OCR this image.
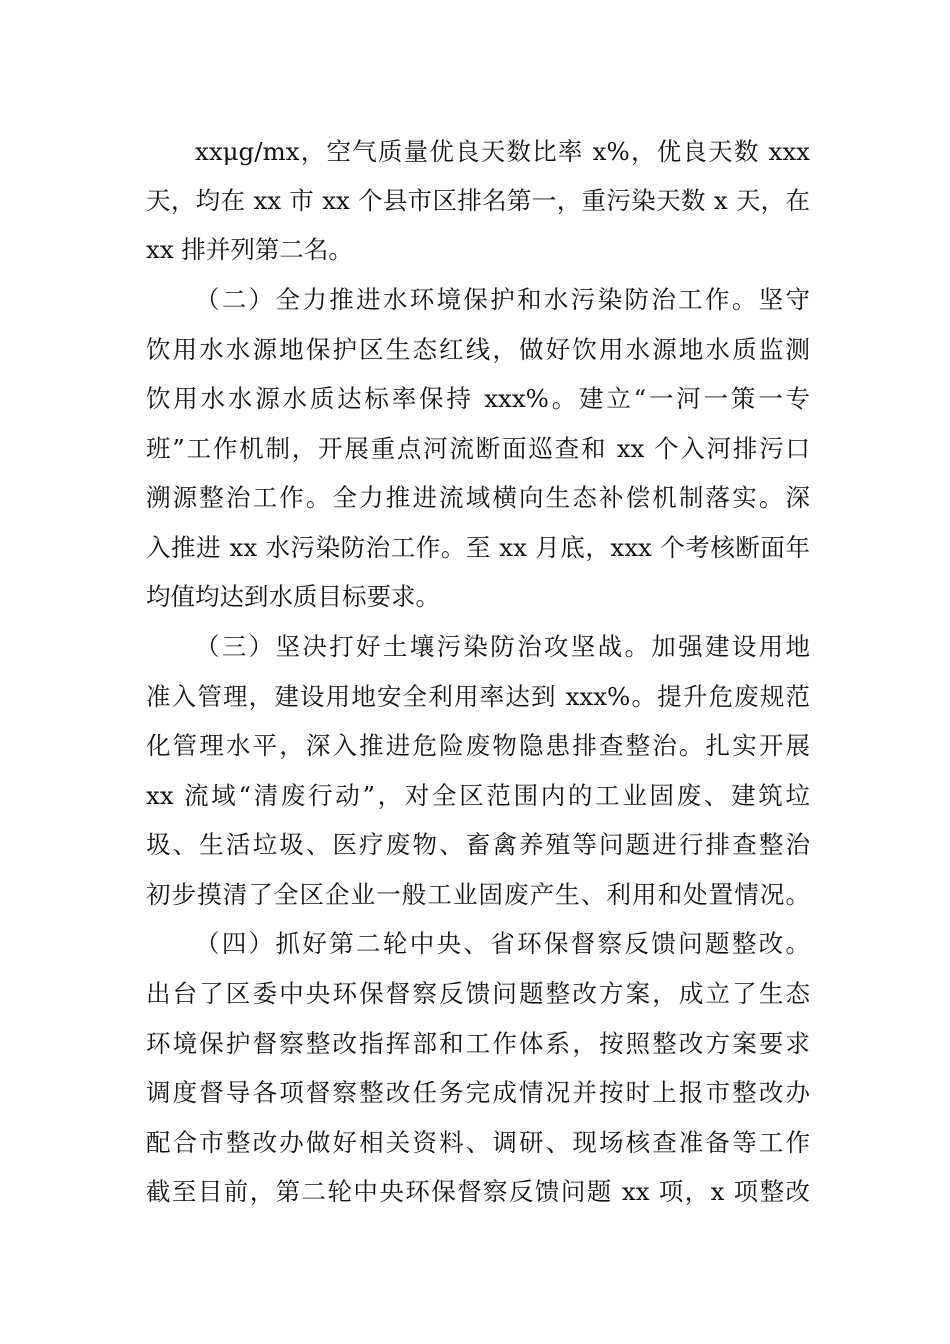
xxμg/mx，空气质量优良天数比率 x%，优良天数 xxx
天，均在 xx 市 xx 个县市区排名第一，重污染天数 x 天，在
xx 排并列第二名。
（二）全力推进水环境保护和水污染防治工作。坚守
饮用水水源地保护区生态红线，做好饮用水源地水质监测
饮用水水源水质达标率保持 xxx%。建立“一河一策一专
班”工作机制，开展重点河流断面巡查和 xx 个入河排污口
溯源整治工作。全力推进流域横向生态补偿机制落实。深
入推进 xx 水污染防治工作。至 xx 月底，xxx 个考核断面年
均值均达到水质目标要求。
（三）坚决打好土壤污染防治攻坚战。加强建设用地
准入管理，建设用地安全利用率达到 xxx%。提升危废规范
化管理水平，深入推进危险废物隐患排查整治。扎实开展
xx 流域“清废行动”，对全区范围内的工业固废、建筑垃
圾、生活垃圾、医疗废物、畜禽养殖等问题进行排查整治
初步摸清了全区企业一般工业固废产生、利用和处置情况。
（四）抓好第二轮中央、省环保督察反馈问题整改。
出台了区委中央环保督察反馈问题整改方案，成立了生态
环境保护督察整改指挥部和工作体系，按照整改方案要求
调度督导各项督察整改任务完成情况并按时上报市整改办
配合市整改办做好相关资料、调研、现场核查准备等工作
截至目前，第二轮中央环保督察反馈问题 xx 项，x 项整改
